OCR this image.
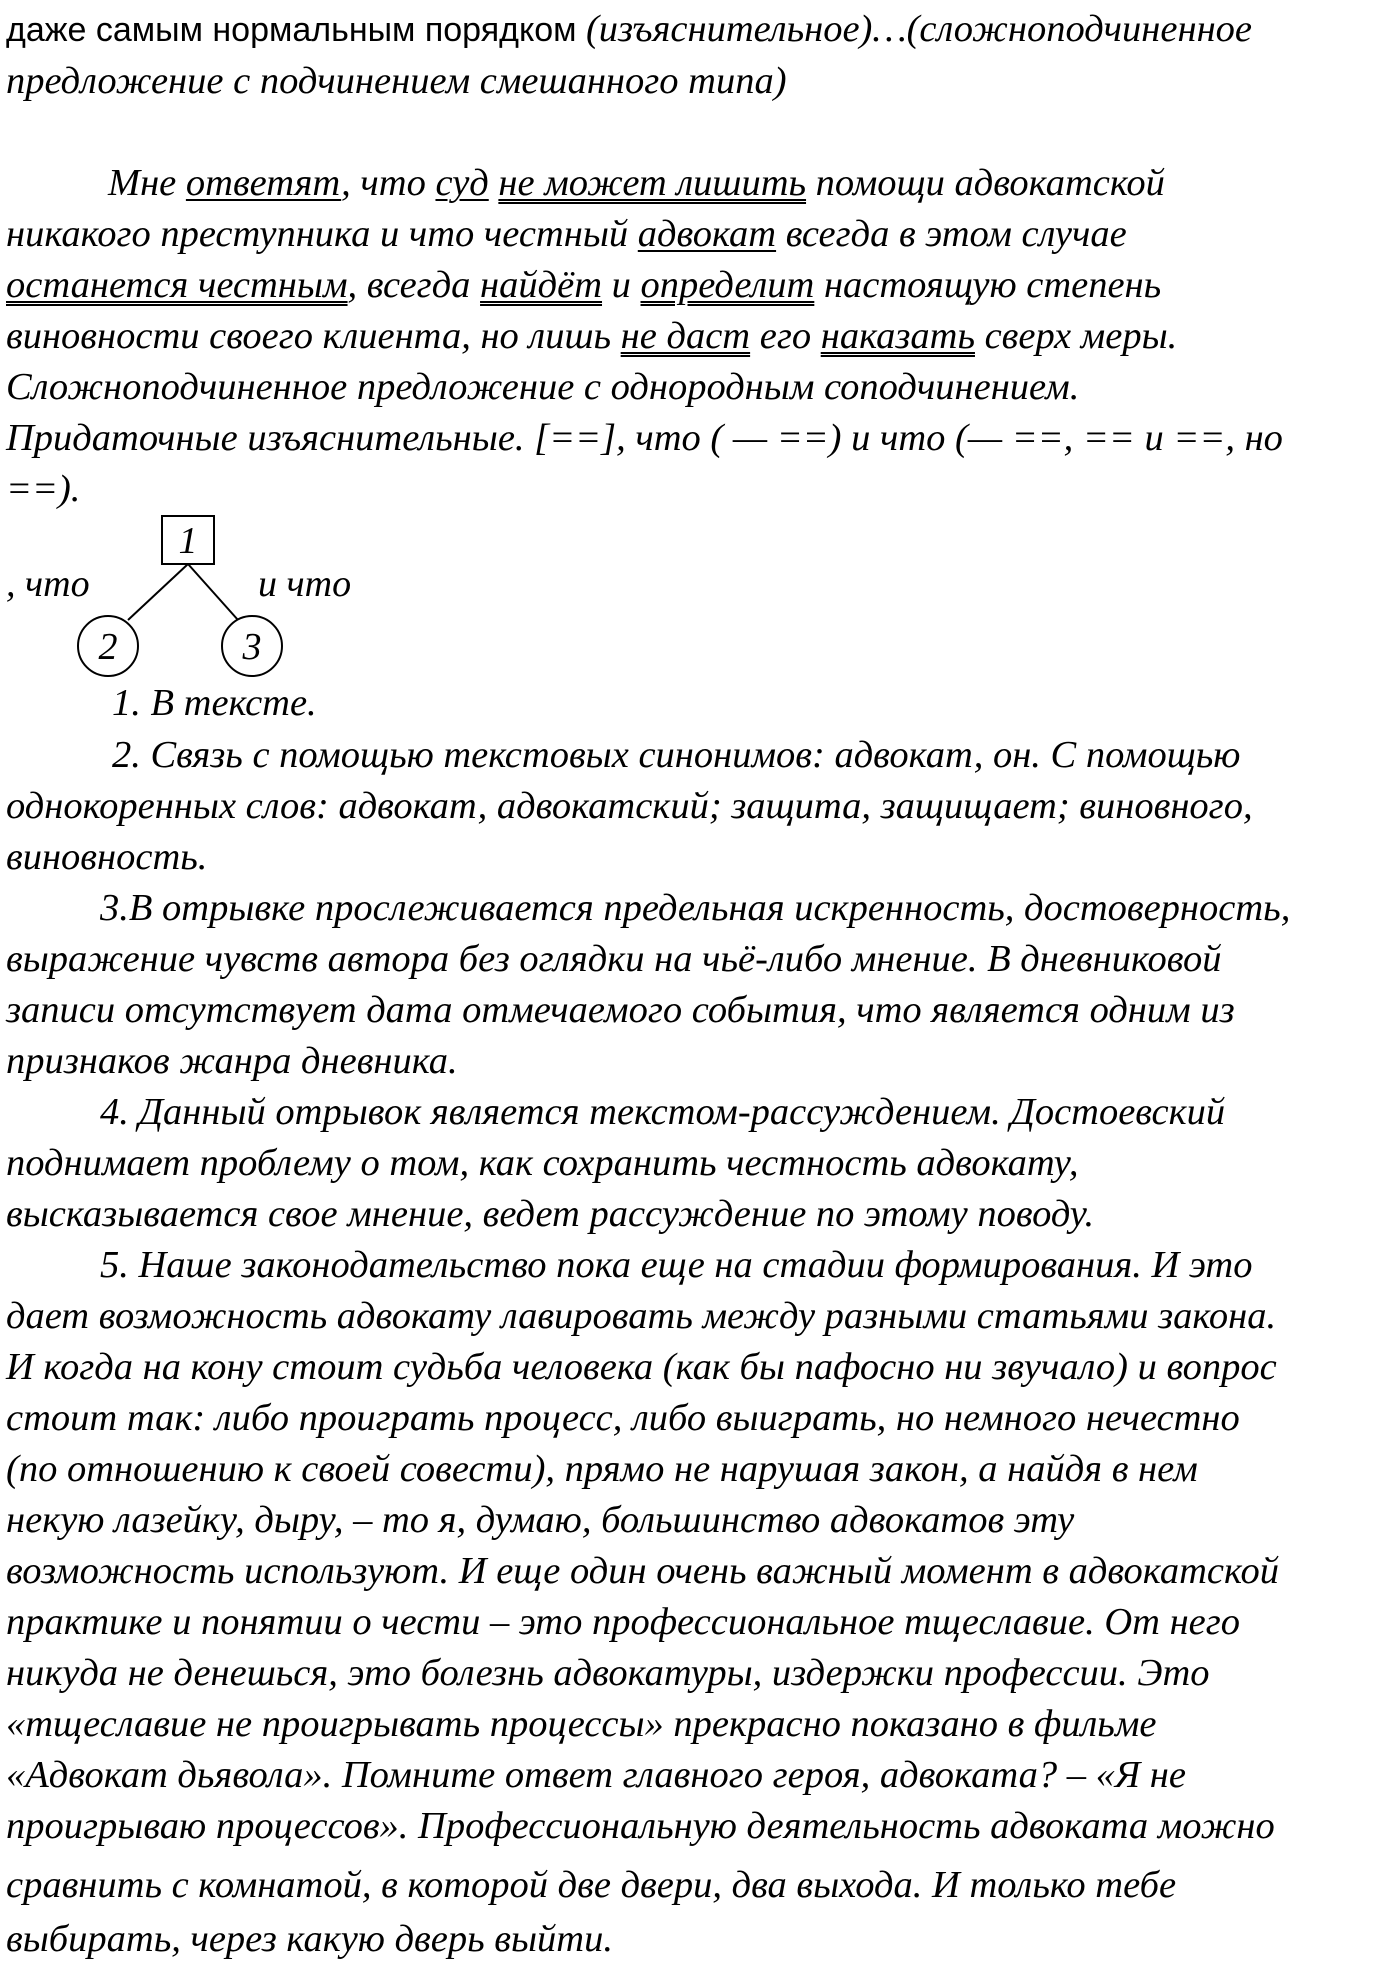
даже самым нормальным порядком (изъяснительное)…(сложноподчиненное
предложение с подчинением смешанного типа)
Мне ответят, что суд не может лишить помощи адвокатской
никакого преступника и что честный адвокат всегда в этом случае
останется честным, всегда найдёт и определит настоящую степень
виновности своего клиента, но лишь не даст его наказать сверх меры.
Сложноподчиненное предложение с однородным соподчинением.
Придаточные изъяснительные. [==], что ( — ==) и что (— ==, == и ==, но
==).
1
, что	и что
2	3
1. В тексте.
2. Связь с помощью текстовых синонимов: адвокат, он. С помощью
однокоренных слов: адвокат, адвокатский; защита, защищает; виновного,
виновность.
3.В отрывке прослеживается предельная искренность, достоверность,
выражение чувств автора без оглядки на чьё-либо мнение. В дневниковой
записи отсутствует дата отмечаемого события, что является одним из
признаков жанра дневника.
4. Данный отрывок является текстом-рассуждением. Достоевский
поднимает проблему о том, как сохранить честность адвокату,
высказывается свое мнение, ведет рассуждение по этому поводу.
5. Наше законодательство пока еще на стадии формирования. И это
дает возможность адвокату лавировать между разными статьями закона.
И когда на кону стоит судьба человека (как бы пафосно ни звучало) и вопрос
стоит так: либо проиграть процесс, либо выиграть, но немного нечестно
(по отношению к своей совести), прямо не нарушая закон, а найдя в нем
некую лазейку, дыру, – то я, думаю, большинство адвокатов эту
возможность используют. И еще один очень важный момент в адвокатской
практике и понятии о чести – это профессиональное тщеславие. От него
никуда не денешься, это болезнь адвокатуры, издержки профессии. Это
«тщеславие не проигрывать процессы» прекрасно показано в фильме
«Адвокат дьявола». Помните ответ главного героя, адвоката? – «Я не
проигрываю процессов». Профессиональную деятельность адвоката можно
сравнить с комнатой, в которой две двери, два выхода. И только тебе
выбирать, через какую дверь выйти.
